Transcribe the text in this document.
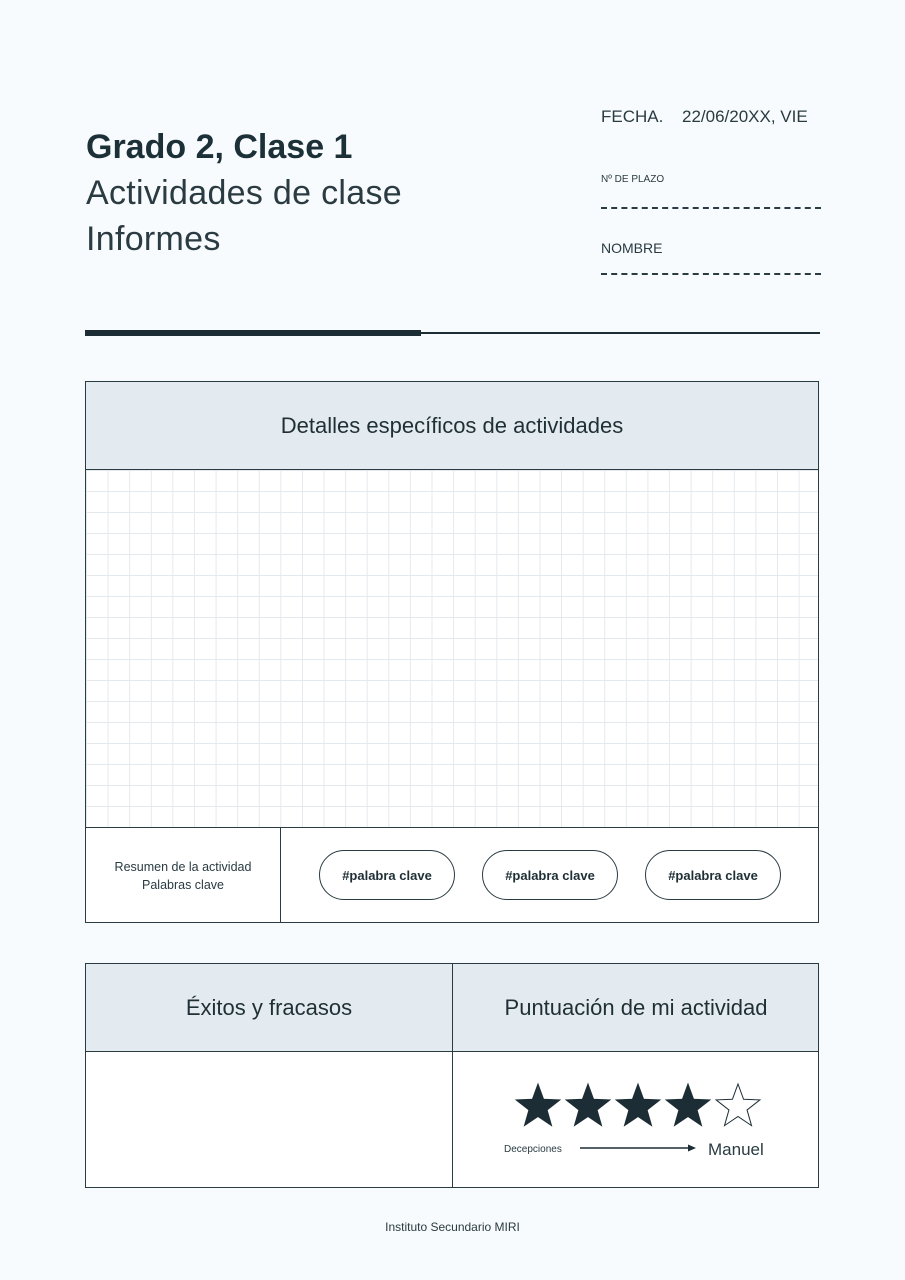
Grado 2, Clase 1
Actividades de clase
Informes
FECHA. 22/06/20XX, VIE
Nº DE PLAZO
NOMBRE
Detalles específicos de actividades
Resumen de la actividad
Palabras clave
#palabra clave	#palabra clave	#palabra clave
Éxitos y fracasos	Puntuación de mi actividad
Decepciones	Manuel
Instituto Secundario MIRI
